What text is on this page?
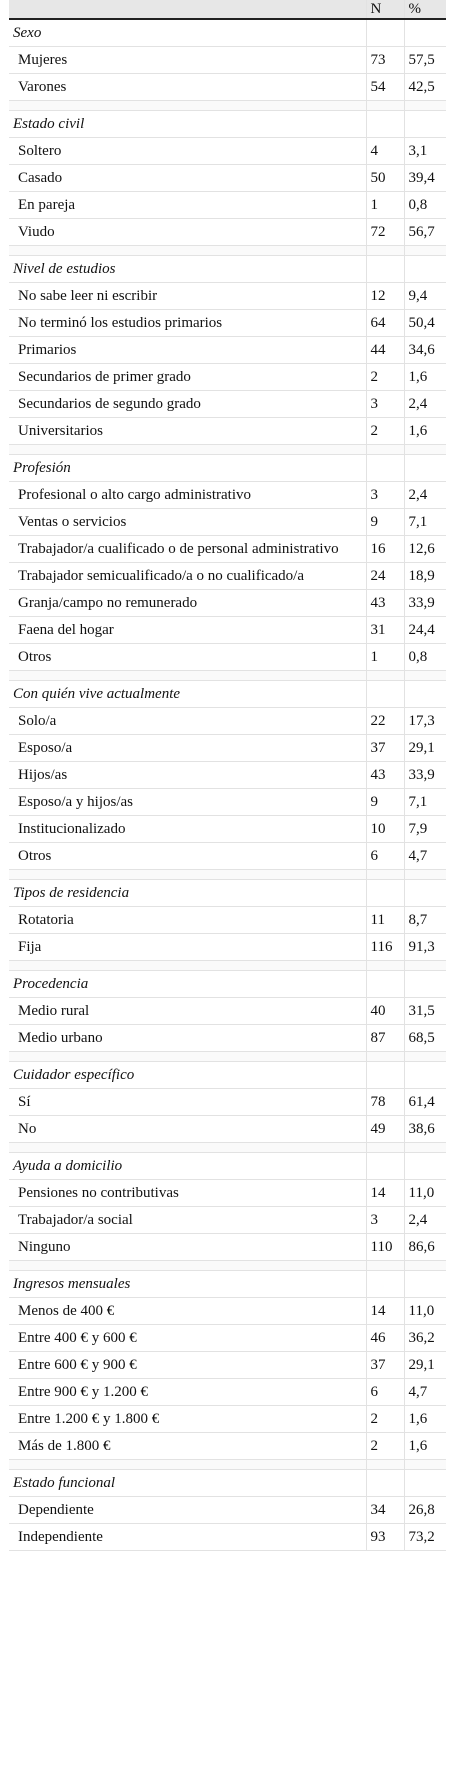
	N	%
Sexo		
Mujeres	73	57,5
Varones	54	42,5

Estado civil		
Soltero	4	3,1
Casado	50	39,4
En pareja	1	0,8
Viudo	72	56,7

Nivel de estudios		
No sabe leer ni escribir	12	9,4
No terminó los estudios primarios	64	50,4
Primarios	44	34,6
Secundarios de primer grado	2	1,6
Secundarios de segundo grado	3	2,4
Universitarios	2	1,6

Profesión		
Profesional o alto cargo administrativo	3	2,4
Ventas o servicios	9	7,1
Trabajador/a cualificado o de personal administrativo	16	12,6
Trabajador semicualificado/a o no cualificado/a	24	18,9
Granja/campo no remunerado	43	33,9
Faena del hogar	31	24,4
Otros	1	0,8

Con quién vive actualmente		
Solo/a	22	17,3
Esposo/a	37	29,1
Hijos/as	43	33,9
Esposo/a y hijos/as	9	7,1
Institucionalizado	10	7,9
Otros	6	4,7

Tipos de residencia		
Rotatoria	11	8,7
Fija	116	91,3

Procedencia		
Medio rural	40	31,5
Medio urbano	87	68,5

Cuidador específico		
Sí	78	61,4
No	49	38,6

Ayuda a domicilio		
Pensiones no contributivas	14	11,0
Trabajador/a social	3	2,4
Ninguno	110	86,6

Ingresos mensuales		
Menos de 400 €	14	11,0
Entre 400 € y 600 €	46	36,2
Entre 600 € y 900 €	37	29,1
Entre 900 € y 1.200 €	6	4,7
Entre 1.200 € y 1.800 €	2	1,6
Más de 1.800 €	2	1,6

Estado funcional		
Dependiente	34	26,8
Independiente	93	73,2
